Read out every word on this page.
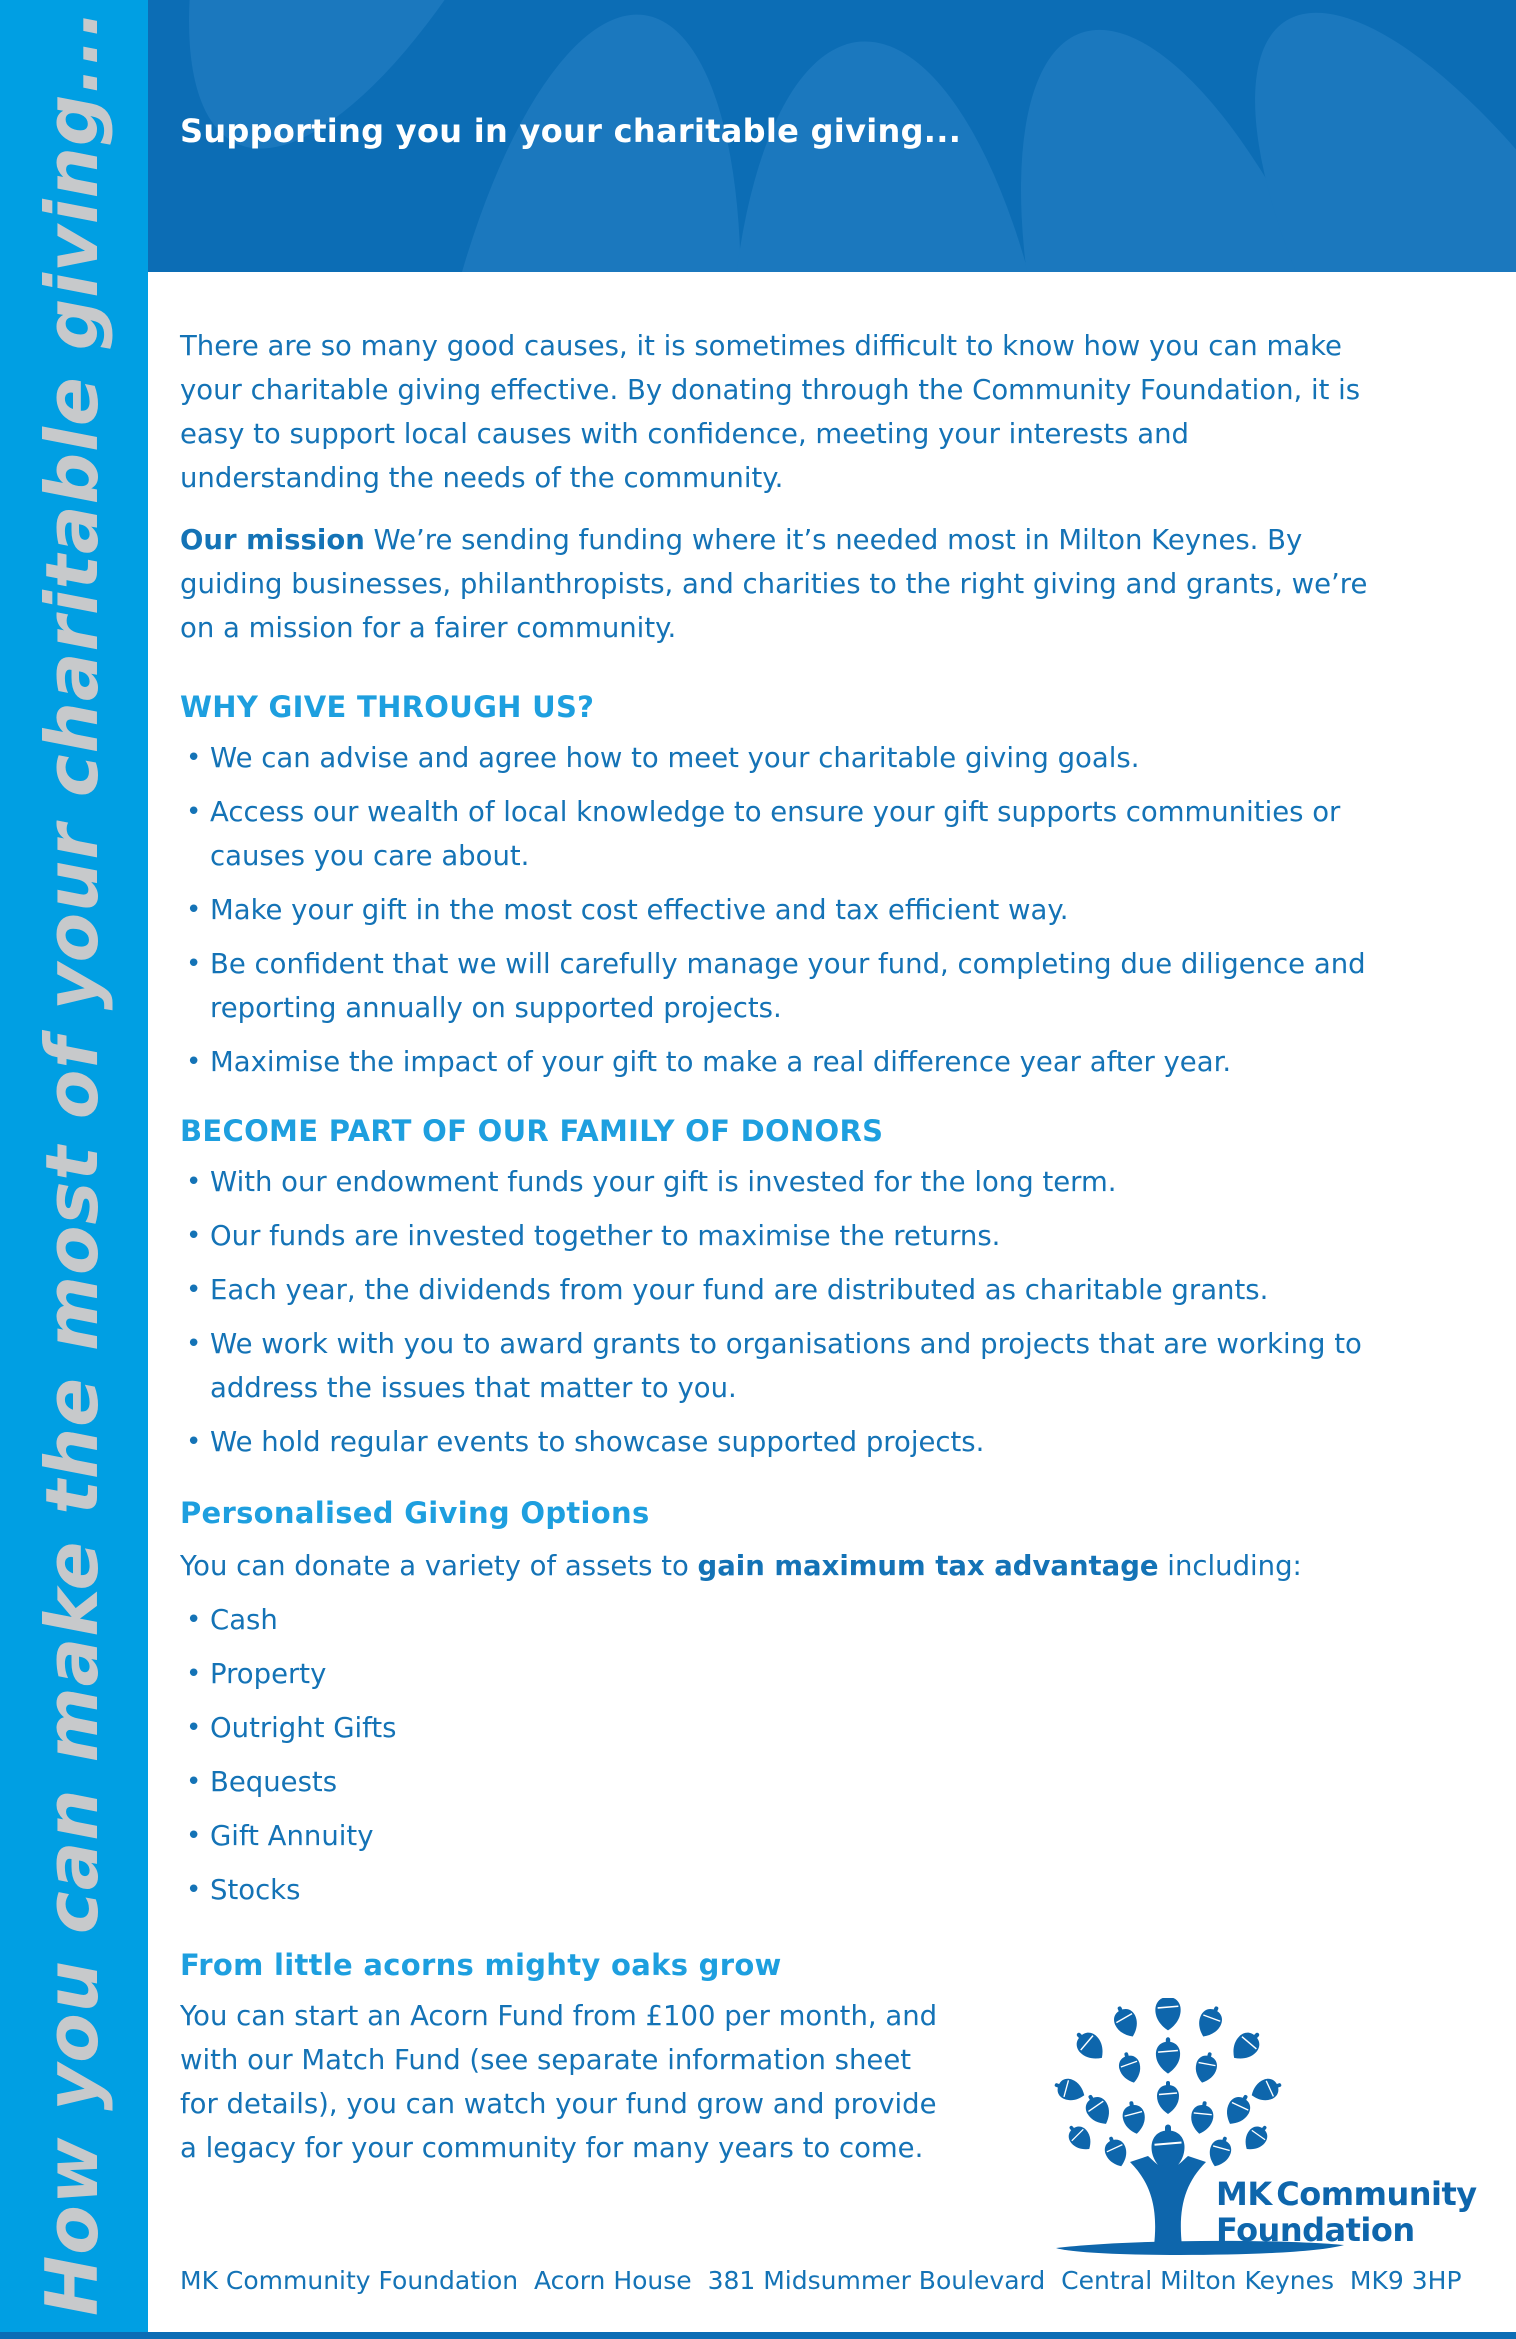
How you can make the most of your charitable giving... Supporting you in your charitable giving...

There are so many good causes, it is sometimes difficult to know how you can make your charitable giving effective. By donating through the Community Foundation, it is easy to support local causes with confidence, meeting your interests and understanding the needs of the community.

Our mission We’re sending funding where it’s needed most in Milton Keynes. By guiding businesses, philanthropists, and charities to the right giving and grants, we’re on a mission for a fairer community.

WHY GIVE THROUGH US?
• We can advise and agree how to meet your charitable giving goals.
• Access our wealth of local knowledge to ensure your gift supports communities or causes you care about.
• Make your gift in the most cost effective and tax efficient way.
• Be confident that we will carefully manage your fund, completing due diligence and reporting annually on supported projects.
• Maximise the impact of your gift to make a real difference year after year.
BECOME PART OF OUR FAMILY OF DONORS
• With our endowment funds your gift is invested for the long term.
• Our funds are invested together to maximise the returns.
• Each year, the dividends from your fund are distributed as charitable grants.
• We work with you to award grants to organisations and projects that are working to address the issues that matter to you.
• We hold regular events to showcase supported projects.
Personalised Giving Options

You can donate a variety of assets to gain maximum tax advantage including:

• Cash
• Property
• Outright Gifts
• Bequests
• Gift Annuity
• Stocks
From little acorns mighty oaks grow

You can start an Acorn Fund from £100 per month, and with our Match Fund (see separate information sheet for details), you can watch your fund grow and provide a legacy for your community for many years to come.

MK Community
Foundation
MK Community Foundation  Acorn House  381 Midsummer Boulevard  Central Milton Keynes  MK9 3HP
